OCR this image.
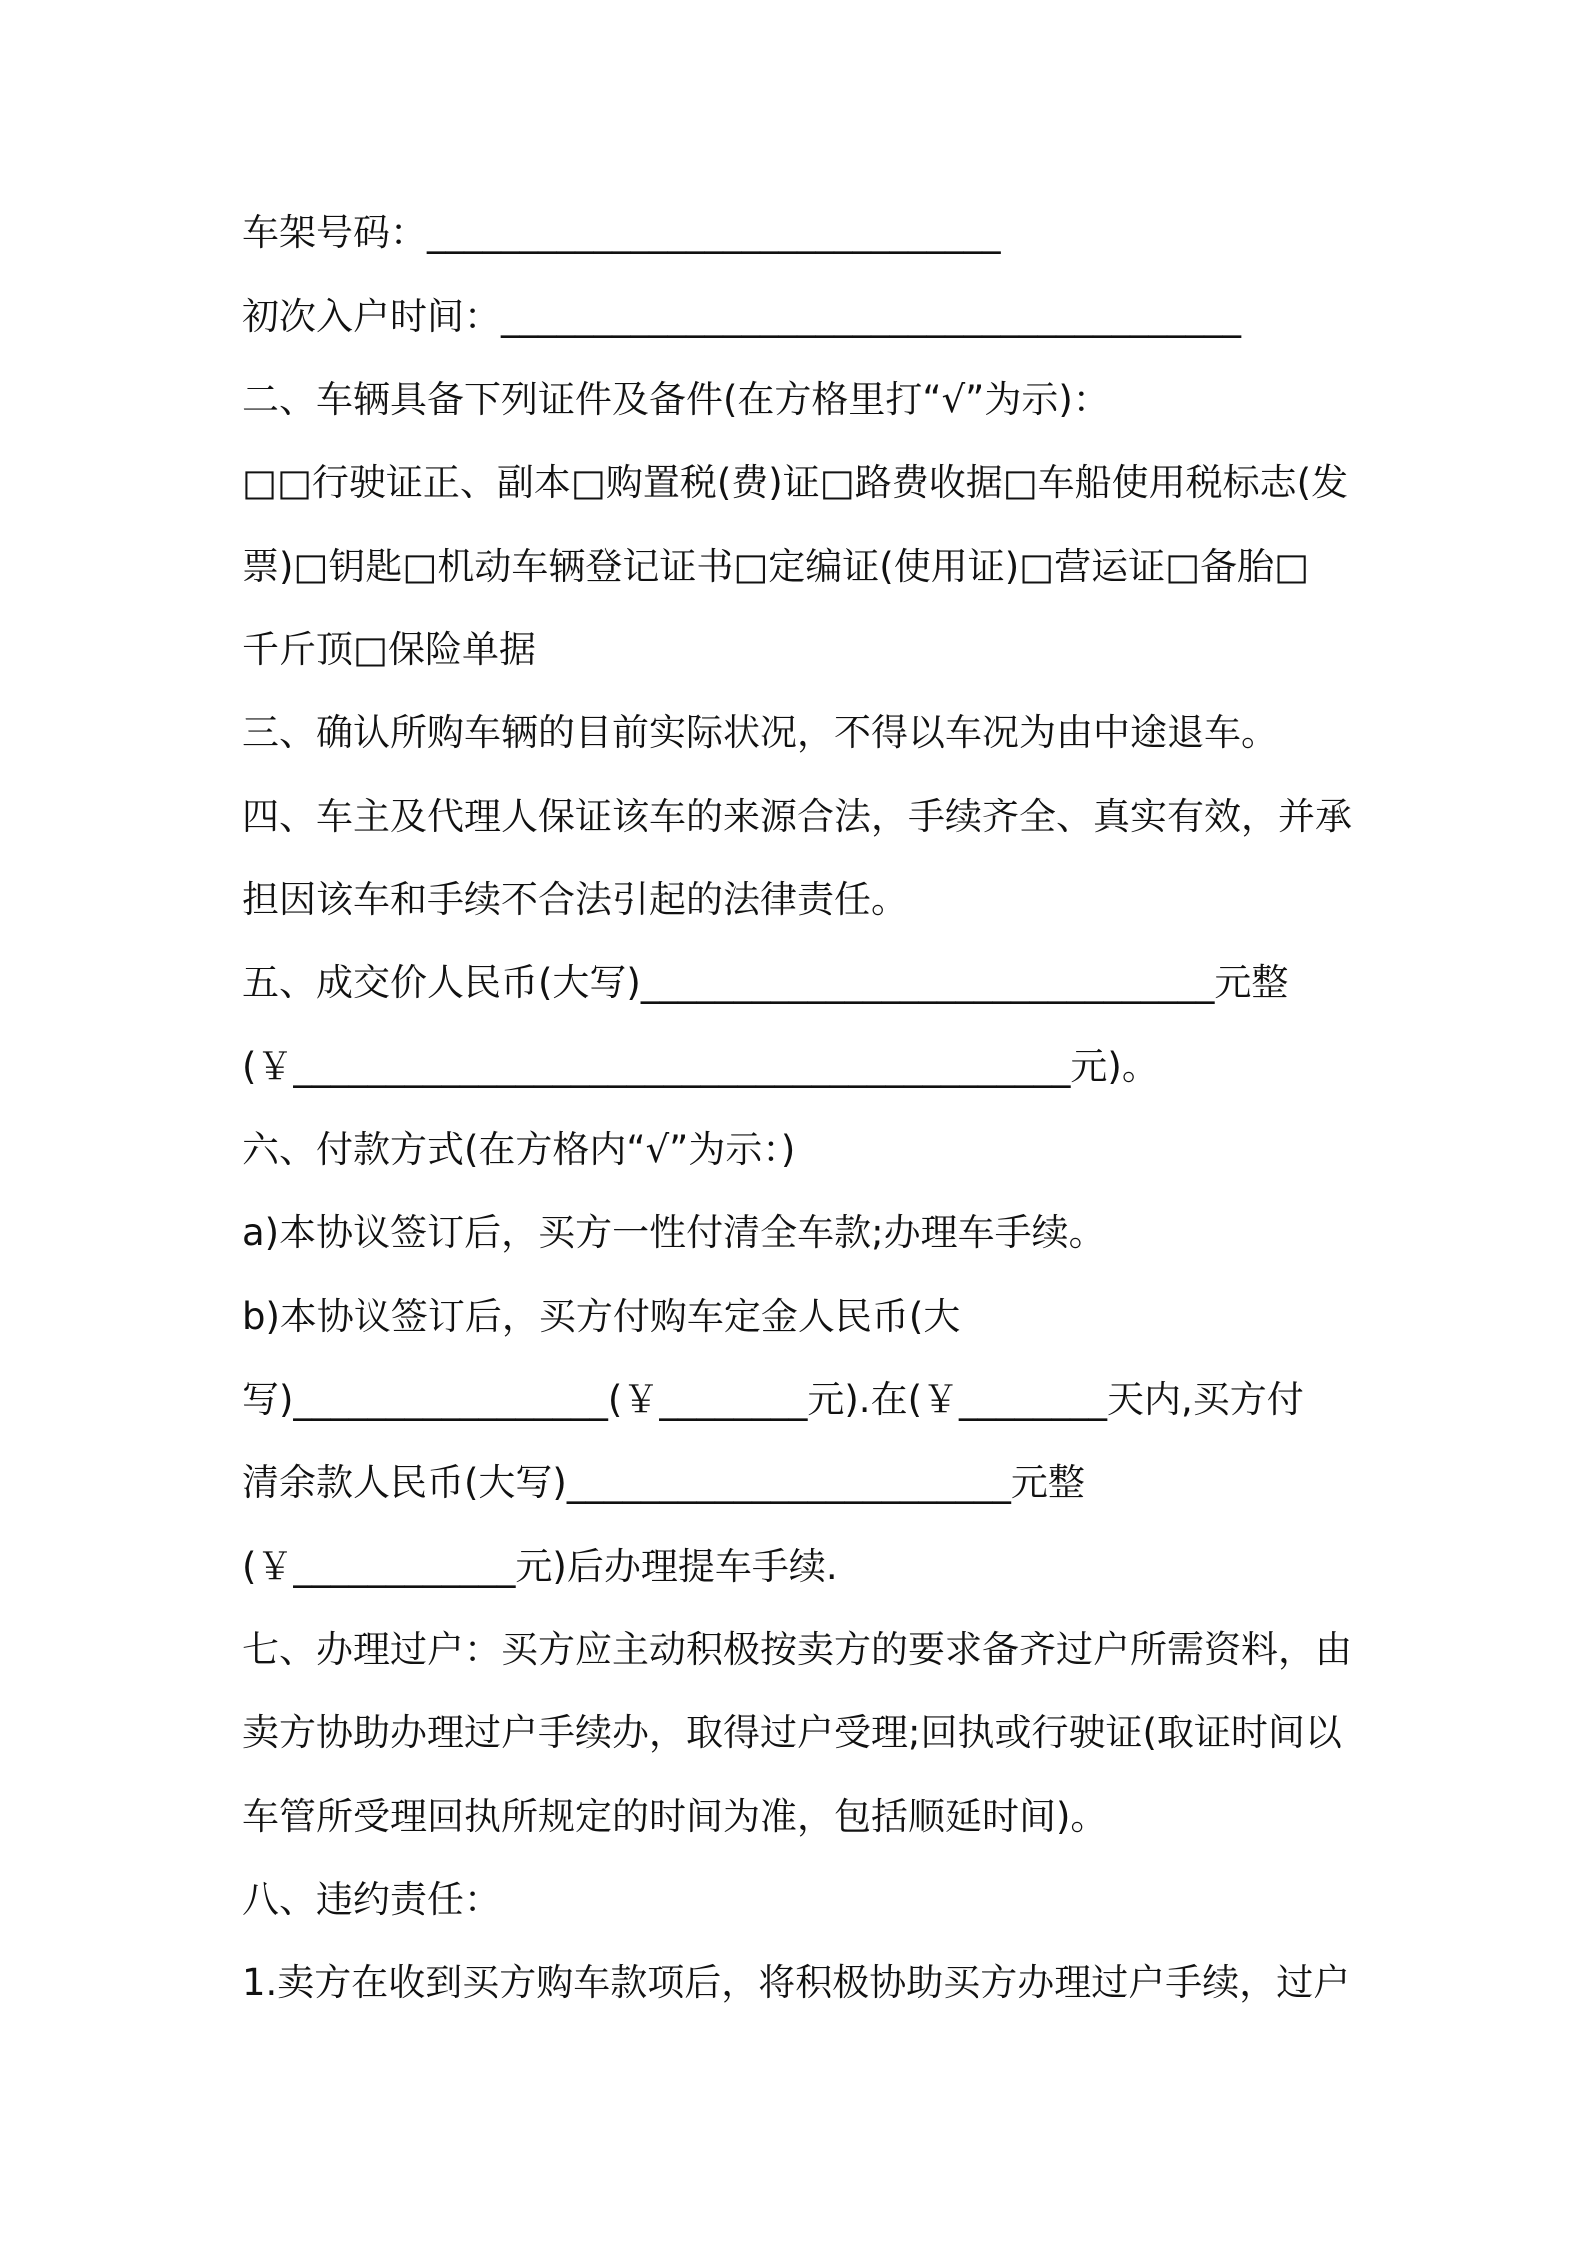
车架号码：_______________________________
初次入户时间：________________________________________
二、车辆具备下列证件及备件(在方格里打“√”为示)：
□□行驶证正、副本□购置税(费)证□路费收据□车船使用税标志(发
票)□钥匙□机动车辆登记证书□定编证(使用证)□营运证□备胎□
千斤顶□保险单据
三、确认所购车辆的目前实际状况，不得以车况为由中途退车。
四、车主及代理人保证该车的来源合法，手续齐全、真实有效，并承
担因该车和手续不合法引起的法律责任。
五、成交价人民币(大写)_______________________________元整
(￥__________________________________________元)。
六、付款方式(在方格内“√”为示：)
a)本协议签订后，买方一性付清全车款;办理车手续。
b)本协议签订后，买方付购车定金人民币(大
写)_________________(￥________元).在(￥________天内,买方付
清余款人民币(大写)________________________元整
(￥____________元)后办理提车手续.
七、办理过户：买方应主动积极按卖方的要求备齐过户所需资料，由
卖方协助办理过户手续办，取得过户受理;回执或行驶证(取证时间以
车管所受理回执所规定的时间为准，包括顺延时间)。
八、违约责任：
1.卖方在收到买方购车款项后，将积极协助买方办理过户手续，过户
